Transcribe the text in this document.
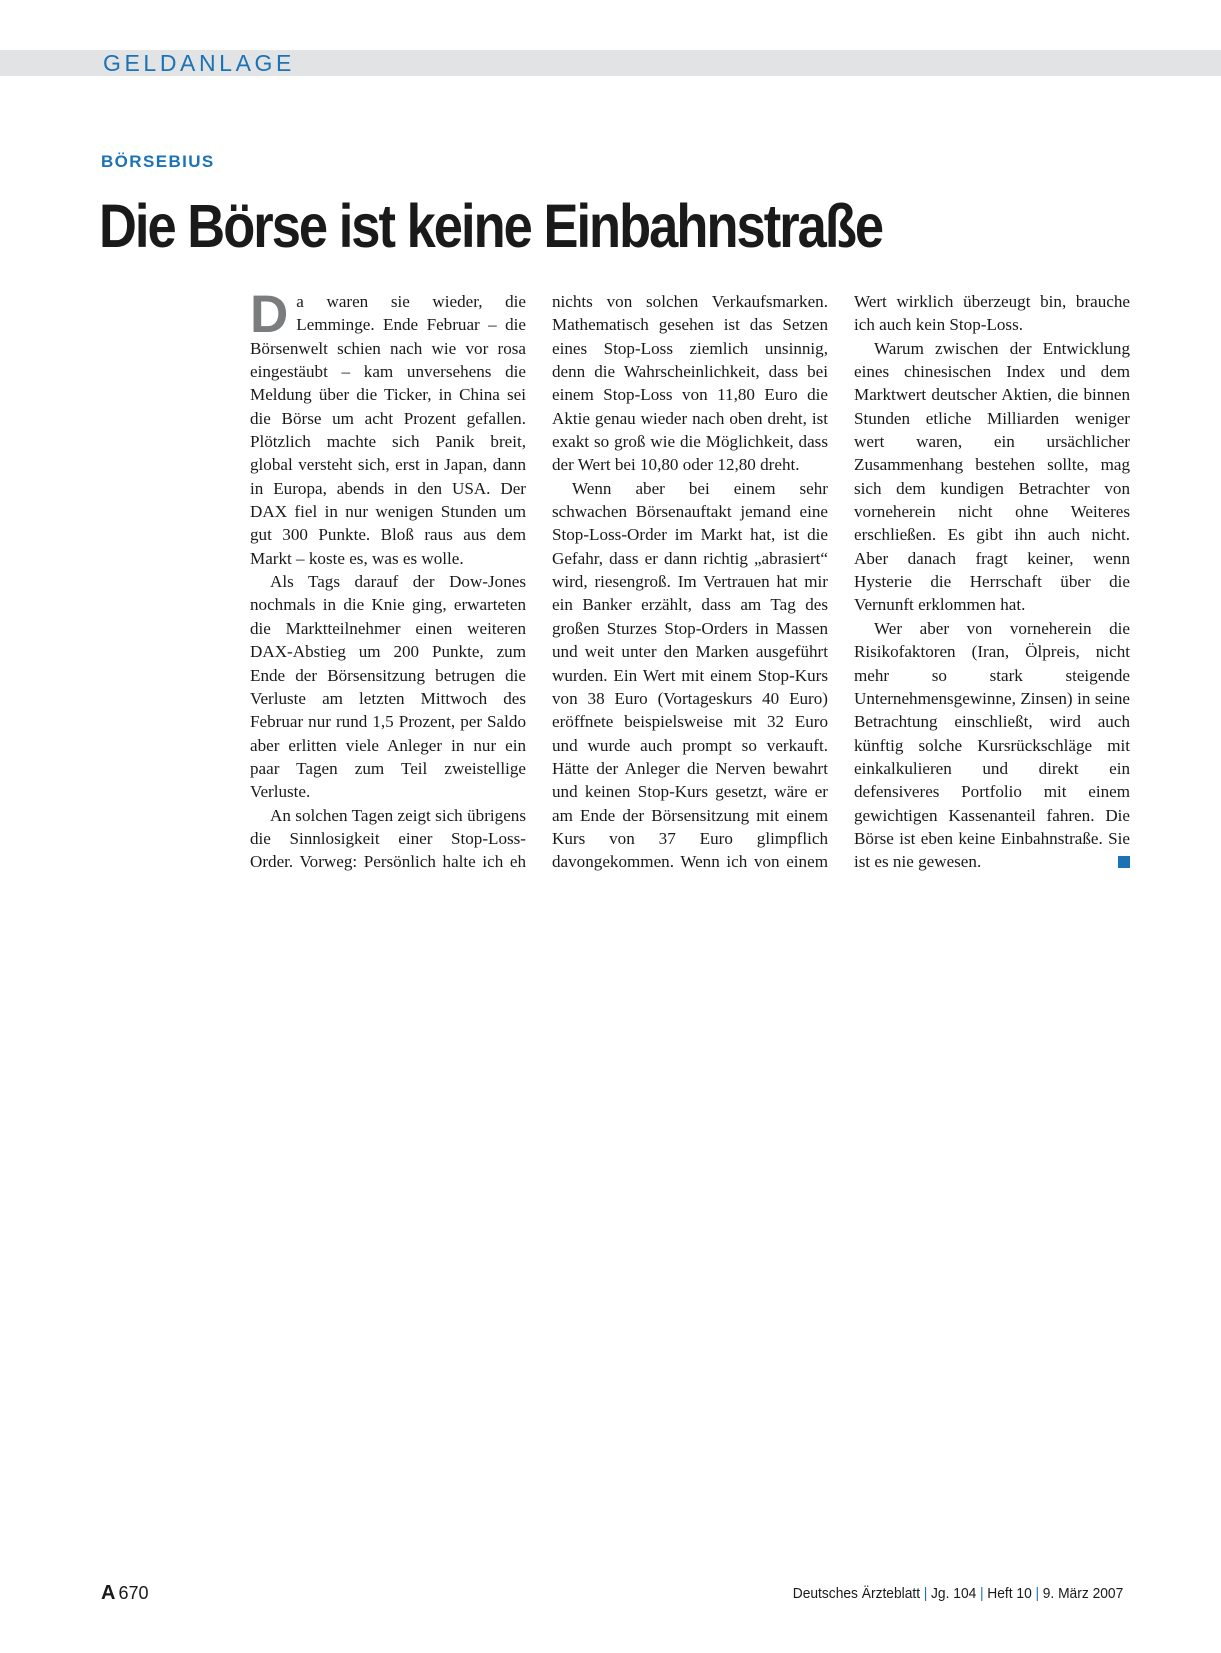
GELDANLAGE
BÖRSEBIUS
Die Börse ist keine Einbahnstraße

Da waren sie wieder, die Lemminge. Ende Februar – die Börsenwelt schien nach wie vor rosa eingestäubt – kam unversehens die Meldung über die Ticker, in China sei die Börse um acht Prozent gefallen. Plötzlich machte sich Panik breit, global versteht sich, erst in Japan, dann in Europa, abends in den USA. Der DAX fiel in nur wenigen Stunden um gut 300 Punkte. Bloß raus aus dem Markt – koste es, was es wolle.

Als Tags darauf der Dow-Jones nochmals in die Knie ging, erwarteten die Marktteilnehmer einen weiteren DAX-Abstieg um 200 Punkte, zum Ende der Börsensitzung betrugen die Verluste am letzten Mittwoch des Februar nur rund 1,5 Prozent, per Saldo aber erlitten viele Anleger in nur ein paar Tagen zum Teil zweistellige Verluste.

An solchen Tagen zeigt sich übrigens die Sinnlosigkeit einer Stop-Loss-Order. Vorweg: Persönlich halte ich eh nichts von solchen Verkaufsmarken. Mathematisch gesehen ist das Setzen eines Stop-Loss ziemlich unsinnig, denn die Wahrscheinlichkeit, dass bei einem Stop-Loss von 11,80 Euro die Aktie genau wieder nach oben dreht, ist exakt so groß wie die Möglichkeit, dass der Wert bei 10,80 oder 12,80 dreht.

Wenn aber bei einem sehr schwachen Börsenauftakt jemand eine Stop-Loss-Order im Markt hat, ist die Gefahr, dass er dann richtig „abrasiert“ wird, riesengroß. Im Vertrauen hat mir ein Banker erzählt, dass am Tag des großen Sturzes Stop-Orders in Massen und weit unter den Marken ausgeführt wurden. Ein Wert mit einem Stop-Kurs von 38 Euro (Vortageskurs 40 Euro) eröffnete beispielsweise mit 32 Euro und wurde auch prompt so verkauft. Hätte der Anleger die Nerven bewahrt und keinen Stop-Kurs gesetzt, wäre er am Ende der Börsensitzung mit einem Kurs von 37 Euro glimpflich davongekommen. Wenn ich von einem Wert wirklich überzeugt bin, brauche ich auch kein Stop-Loss.

Warum zwischen der Entwicklung eines chinesischen Index und dem Marktwert deutscher Aktien, die binnen Stunden etliche Milliarden weniger wert waren, ein ursächlicher Zusammenhang bestehen sollte, mag sich dem kundigen Betrachter von vorneherein nicht ohne Weiteres erschließen. Es gibt ihn auch nicht. Aber danach fragt keiner, wenn Hysterie die Herrschaft über die Vernunft erklommen hat.

Wer aber von vorneherein die Risikofaktoren (Iran, Ölpreis, nicht mehr so stark steigende Unternehmensgewinne, Zinsen) in seine Betrachtung einschließt, wird auch künftig solche Kursrückschläge mit einkalkulieren und direkt ein defensiveres Portfolio mit einem gewichtigen Kassenanteil fahren. Die Börse ist eben keine Einbahnstraße. Sie ist es nie gewesen.

A 670	Deutsches Ärzteblatt | Jg. 104 | Heft 10 | 9. März 2007
